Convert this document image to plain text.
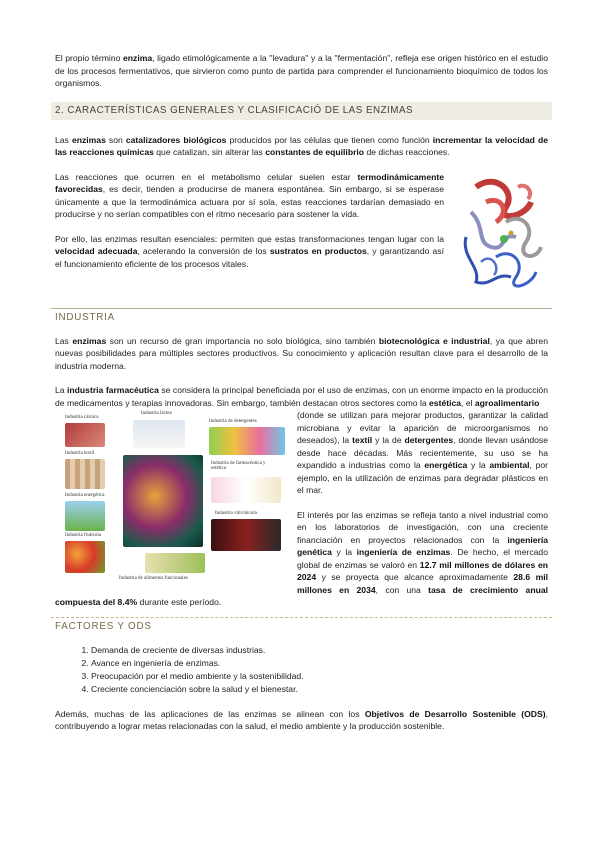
El propio término enzima, ligado etimológicamente a la "levadura" y a la "fermentación", refleja ese origen histórico en el estudio de los procesos fermentativos, que sirvieron como punto de partida para comprender el funcionamiento bioquímico de todos los organismos.

2. CARACTERÍSTICAS GENERALES Y CLASIFICACIÓ DE LAS ENZIMAS

Las enzimas son catalizadores biológicos producidos por las células que tienen como función incrementar la velocidad de las reacciones químicas que catalizan, sin alterar las constantes de equilibrio de dichas reacciones.

Las reacciones que ocurren en el metabolismo celular suelen estar termodinámicamente favorecidas, es decir, tienden a producirse de manera espontánea. Sin embargo, si se esperase únicamente a que la termodinámica actuara por sí sola, estas reacciones tardarían demasiado en producirse y no serían compatibles con el ritmo necesario para sostener la vida.

Por ello, las enzimas resultan esenciales: permiten que estas transformaciones tengan lugar con la velocidad adecuada, acelerando la conversión de los sustratos en productos, y garantizando así el funcionamiento eficiente de los procesos vitales.

INDUSTRIA

Las enzimas son un recurso de gran importancia no solo biológica, sino también biotecnológica e industrial, ya que abren nuevas posibilidades para múltiples sectores productivos. Su conocimiento y aplicación resultan clave para el desarrollo de la industria moderna.

La industria farmacéutica se considera la principal beneficiada por el uso de enzimas, con un enorme impacto en la producción de medicamentos y terapias innovadoras. Sin embargo, también destacan otros sectores como la estética, el agroalimentario

Industria cárnica
Industria láctea
Industria de detergentes
Industria textil
Industria de farmacéutica y estética
Industria energética
Industria vitivinícola
Industria frutícola
Industria de alimentos funcionales

(donde se utilizan para mejorar productos, garantizar la calidad microbiana y evitar la aparición de microorganismos no deseados), la textil y la de detergentes, donde llevan usándose desde hace décadas. Más recientemente, su uso se ha expandido a industrias como la energética y la ambiental, por ejemplo, en la utilización de enzimas para degradar plásticos en el mar.

El interés por las enzimas se refleja tanto a nivel industrial como en los laboratorios de investigación, con una creciente financiación en proyectos relacionados con la ingeniería genética y la ingeniería de enzimas. De hecho, el mercado global de enzimas se valoró en 12.7 mil millones de dólares en 2024 y se proyecta que alcance aproximadamente 28.6 mil millones en 2034, con una tasa de crecimiento anual compuesta del 8.4% durante este período.

FACTORES Y ODS
1. Demanda de creciente de diversas industrias.
2. Avance en ingeniería de enzimas.
3. Preocupación por el medio ambiente y la sostenibilidad.
4. Creciente concienciación sobre la salud y el bienestar.

Además, muchas de las aplicaciones de las enzimas se alinean con los Objetivos de Desarrollo Sostenible (ODS), contribuyendo a lograr metas relacionadas con la salud, el medio ambiente y la producción sostenible.
